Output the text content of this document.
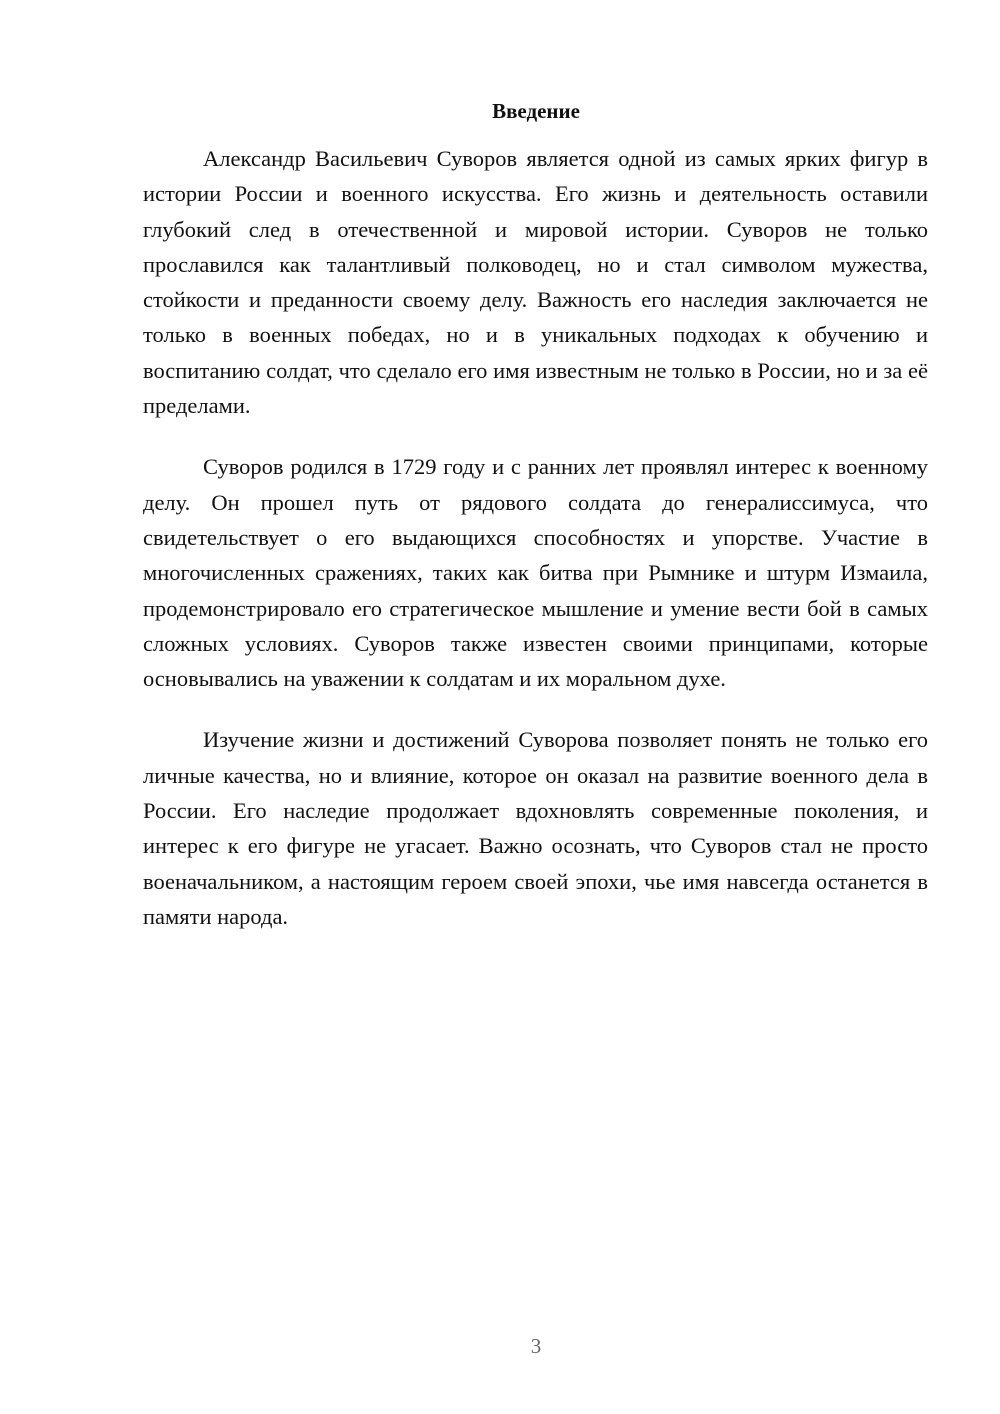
Введение

Александр Васильевич Суворов является одной из самых ярких фигур в истории России и военного искусства. Его жизнь и деятельность оставили глубокий след в отечественной и мировой истории. Суворов не только прославился как талантливый полководец, но и стал символом мужества, стойкости и преданности своему делу. Важность его наследия заключается не только в военных победах, но и в уникальных подходах к обучению и воспитанию солдат, что сделало его имя известным не только в России, но и за её пределами.

Суворов родился в 1729 году и с ранних лет проявлял интерес к военному делу. Он прошел путь от рядового солдата до генералиссимуса, что свидетельствует о его выдающихся способностях и упорстве. Участие в многочисленных сражениях, таких как битва при Рымнике и штурм Измаила, продемонстрировало его стратегическое мышление и умение вести бой в самых сложных условиях. Суворов также известен своими принципами, которые основывались на уважении к солдатам и их моральном духе.

Изучение жизни и достижений Суворова позволяет понять не только его личные качества, но и влияние, которое он оказал на развитие военного дела в России. Его наследие продолжает вдохновлять современные поколения, и интерес к его фигуре не угасает. Важно осознать, что Суворов стал не просто военачальником, а настоящим героем своей эпохи, чье имя навсегда останется в памяти народа.

3
